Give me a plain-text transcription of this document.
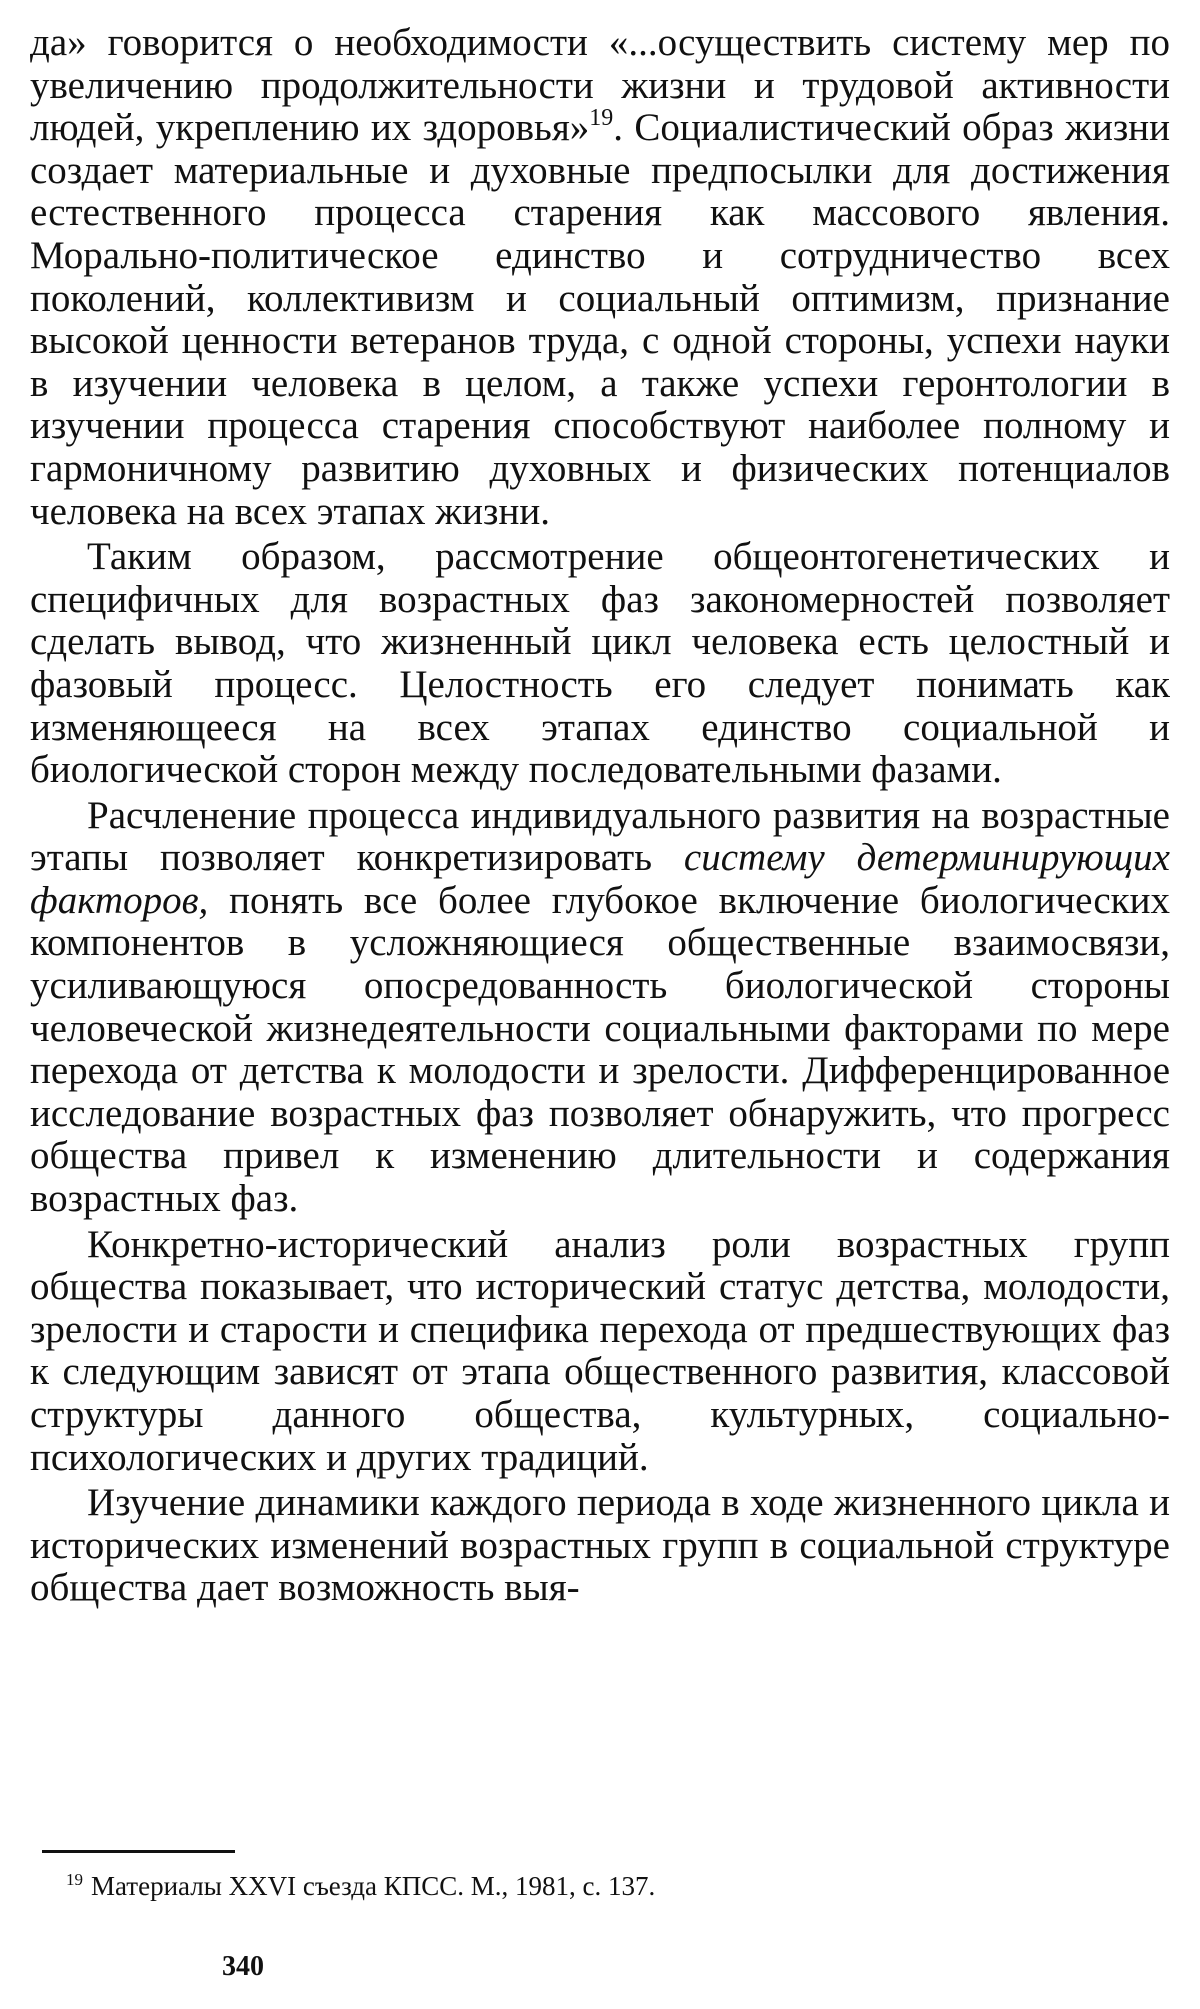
да» говорится о необходимости «...осуществить систему мер по увеличению продолжительности жизни и трудовой активности людей, укреплению их здоровья»$^{19}$. Социалистический образ жизни создает материальные и духовные предпосылки для достижения естественного процесса старения как массового явления. Морально-политическое единство и сотрудничество всех поколений, коллективизм и социальный оптимизм, признание высокой ценности ветеранов труда, с одной стороны, успехи науки в изучении человека в целом, а также успехи геронтологии в изучении процесса старения способствуют наиболее полному и гармоничному развитию духовных и физических потенциалов человека на всех этапах жизни.

Таким образом, рассмотрение общеонтогенетических и специфичных для возрастных фаз закономерностей позволяет сделать вывод, что жизненный цикл человека есть целостный и фазовый процесс. Целостность его следует понимать как изменяющееся на всех этапах единство социальной и биологической сторон между последовательными фазами.

Расчленение процесса индивидуального развития на возрастные этапы позволяет конкретизировать систему детерминирующих факторов, понять все более глубокое включение биологических компонентов в усложняющиеся общественные взаимосвязи, усиливающуюся опосредованность биологической стороны человеческой жизнедеятельности социальными факторами по мере перехода от детства к молодости и зрелости. Дифференцированное исследование возрастных фаз позволяет обнаружить, что прогресс общества привел к изменению длительности и содержания возрастных фаз.

Конкретно-исторический анализ роли возрастных групп общества показывает, что исторический статус детства, молодости, зрелости и старости и специфика перехода от предшествующих фаз к следующим зависят от этапа общественного развития, классовой структуры данного общества, культурных, социально-психологических и других традиций.

Изучение динамики каждого периода в ходе жизненного цикла и исторических изменений возрастных групп в социальной структуре общества дает возможность выя-

$^{19}$ Материалы XXVI съезда КПСС. М., 1981, с. 137.

340
